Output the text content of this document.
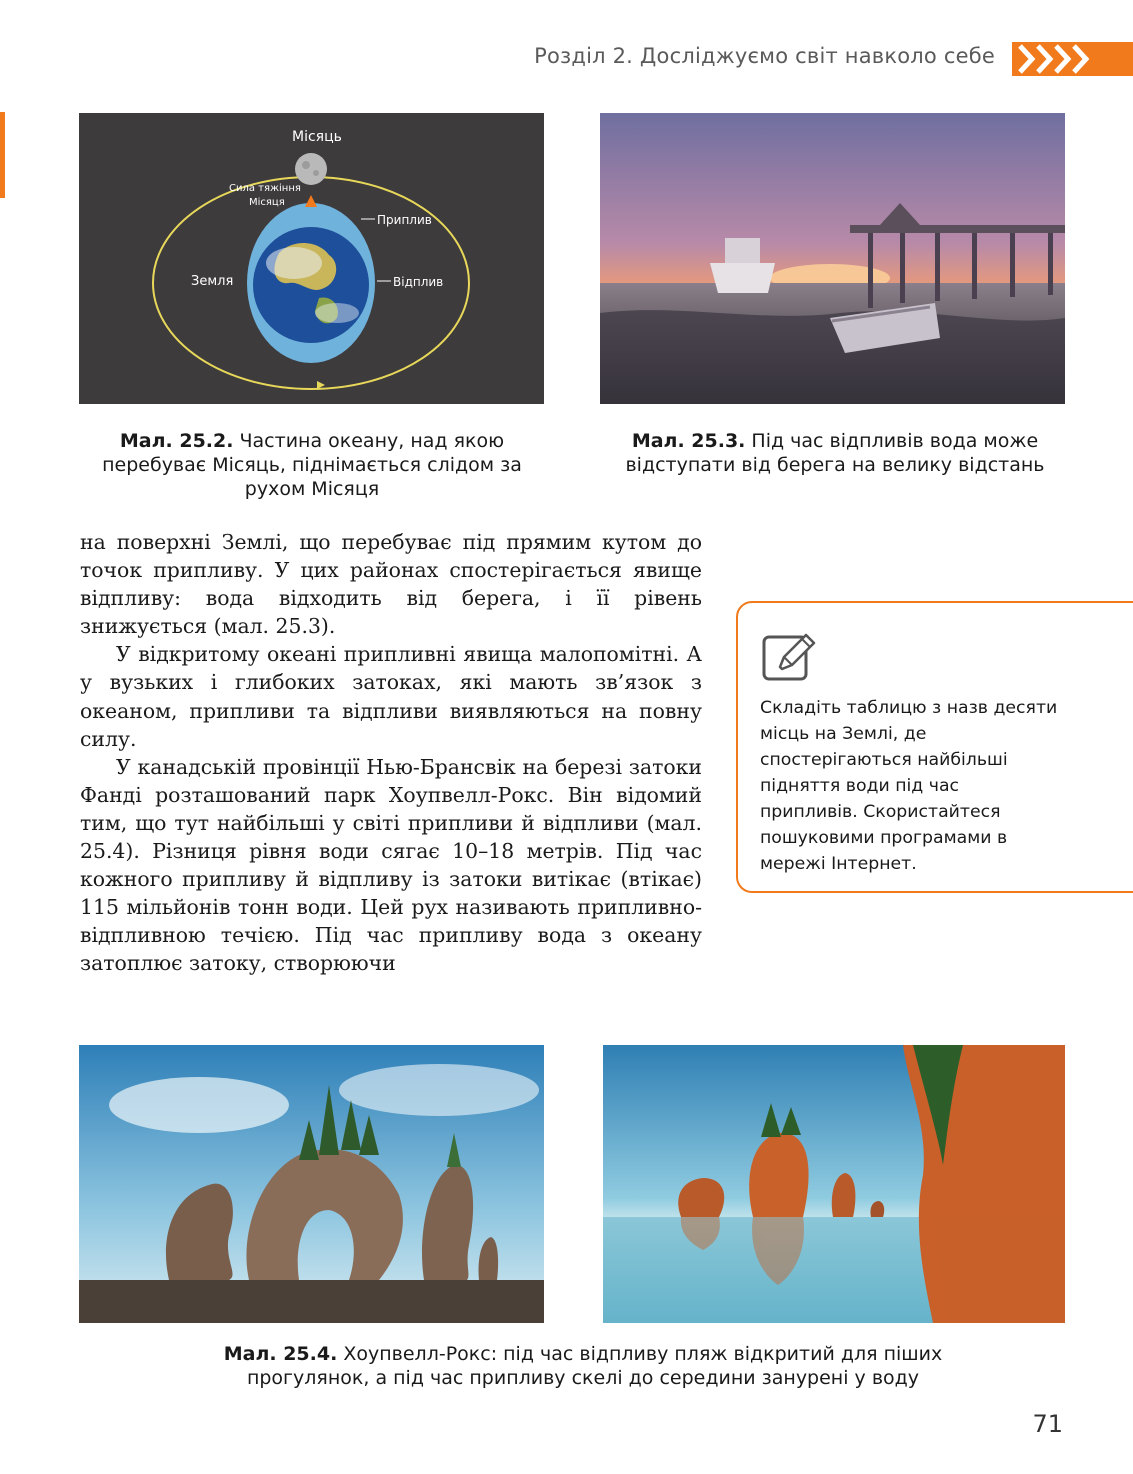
Розділ 2. Досліджуємо світ навколо себе
Місяць
Сила тяжіння
Місяця
Приплив
Земля	Відплив
Мал. 25.2. Частина океану, над якою перебуває Місяць, піднімається слідом за рухом Місяця
Мал. 25.3. Під час відпливів вода може відступати від берега на велику відстань

на поверхні Землі, що перебуває під прямим кутом до точок припливу. У цих районах спостерігається явище відпливу: вода відходить від берега, і її рівень знижується (мал. 25.3).

У відкритому океані припливні явища малопомітні. А у вузьких і глибоких затоках, які мають зв’язок з океаном, припливи та відпливи виявляються на повну силу.

У канадській провінції Нью-Брансвік на березі затоки Фанді розташований парк Хоупвелл-Рокс. Він відомий тим, що тут найбільші у світі припливи й відпливи (мал. 25.4). Різниця рівня води сягає 10–18 метрів. Під час кожного припливу й відпливу із затоки витікає (втікає) 115 мільйонів тонн води. Цей рух називають припливно-відпливною течією. Під час припливу вода з океану затоплює затоку, створюючи

Складіть таблицю з назв десяти місць на Землі, де спостерігаються найбільші підняття води під час припливів. Скористайтеся пошуковими програмами в мережі Інтернет.
Мал. 25.4. Хоупвелл-Рокс: під час відпливу пляж відкритий для піших прогулянок, а під час припливу скелі до середини занурені у воду
71
